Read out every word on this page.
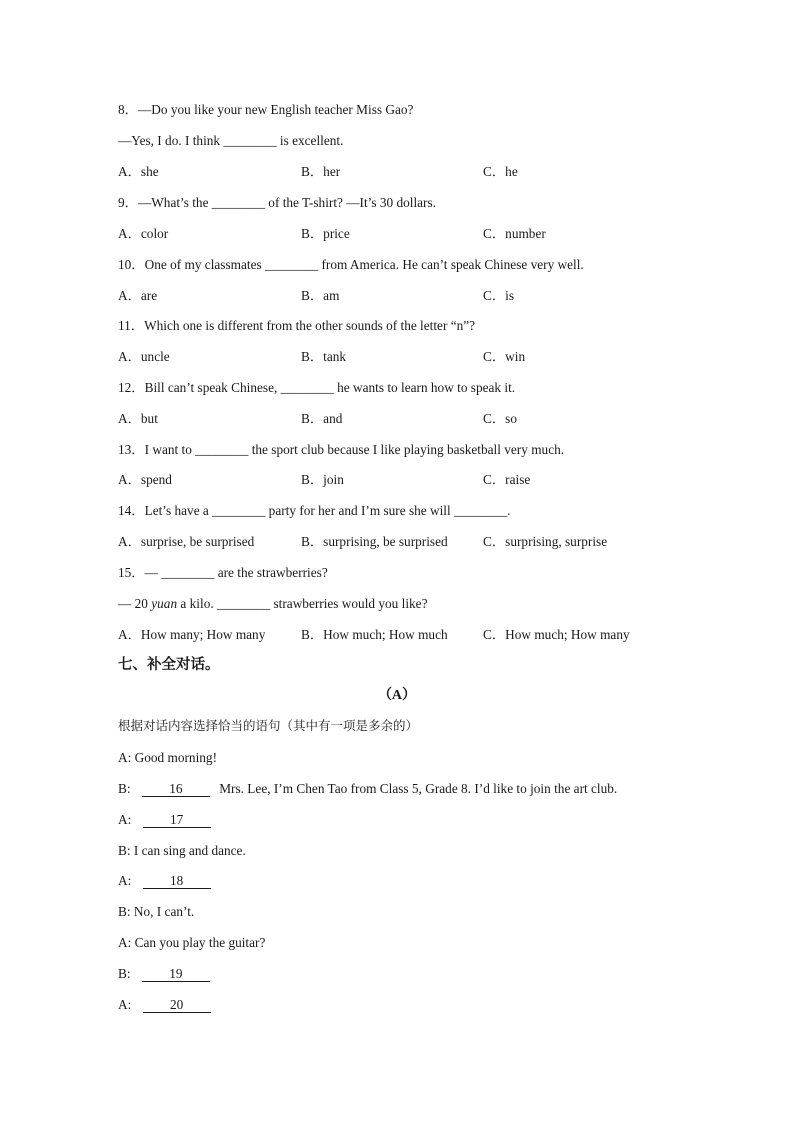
8．—Do you like your new English teacher Miss Gao?
—Yes, I do. I think ________ is excellent.
A．she	B．her	C．he
9．—What’s the ________ of the T-shirt? —It’s 30 dollars.
A．color	B．price	C．number
10．One of my classmates ________ from America. He can’t speak Chinese very well.
A．are	B．am	C．is
11．Which one is different from the other sounds of the letter “n”?
A．uncle	B．tank	C．win
12．Bill can’t speak Chinese, ________ he wants to learn how to speak it.
A．but	B．and	C．so
13．I want to ________ the sport club because I like playing basketball very much.
A．spend	B．join	C．raise
14．Let’s have a ________ party for her and I’m sure she will ________.
A．surprise, be surprised	B．surprising, be surprised	C．surprising, surprise
15．— ________ are the strawberries?
— 20 yuan a kilo. ________ strawberries would you like?
A．How many; How many	B．How much; How much	C．How much; How many
七、补全对话。
（A）
根据对话内容选择恰当的语句（其中有一项是多余的）
A: Good morning!
B:	16	Mrs. Lee, I’m Chen Tao from Class 5, Grade 8. I’d like to join the art club.
A:	17
B: I can sing and dance.
A:	18
B: No, I can’t.
A: Can you play the guitar?
B:	19
A:	20
